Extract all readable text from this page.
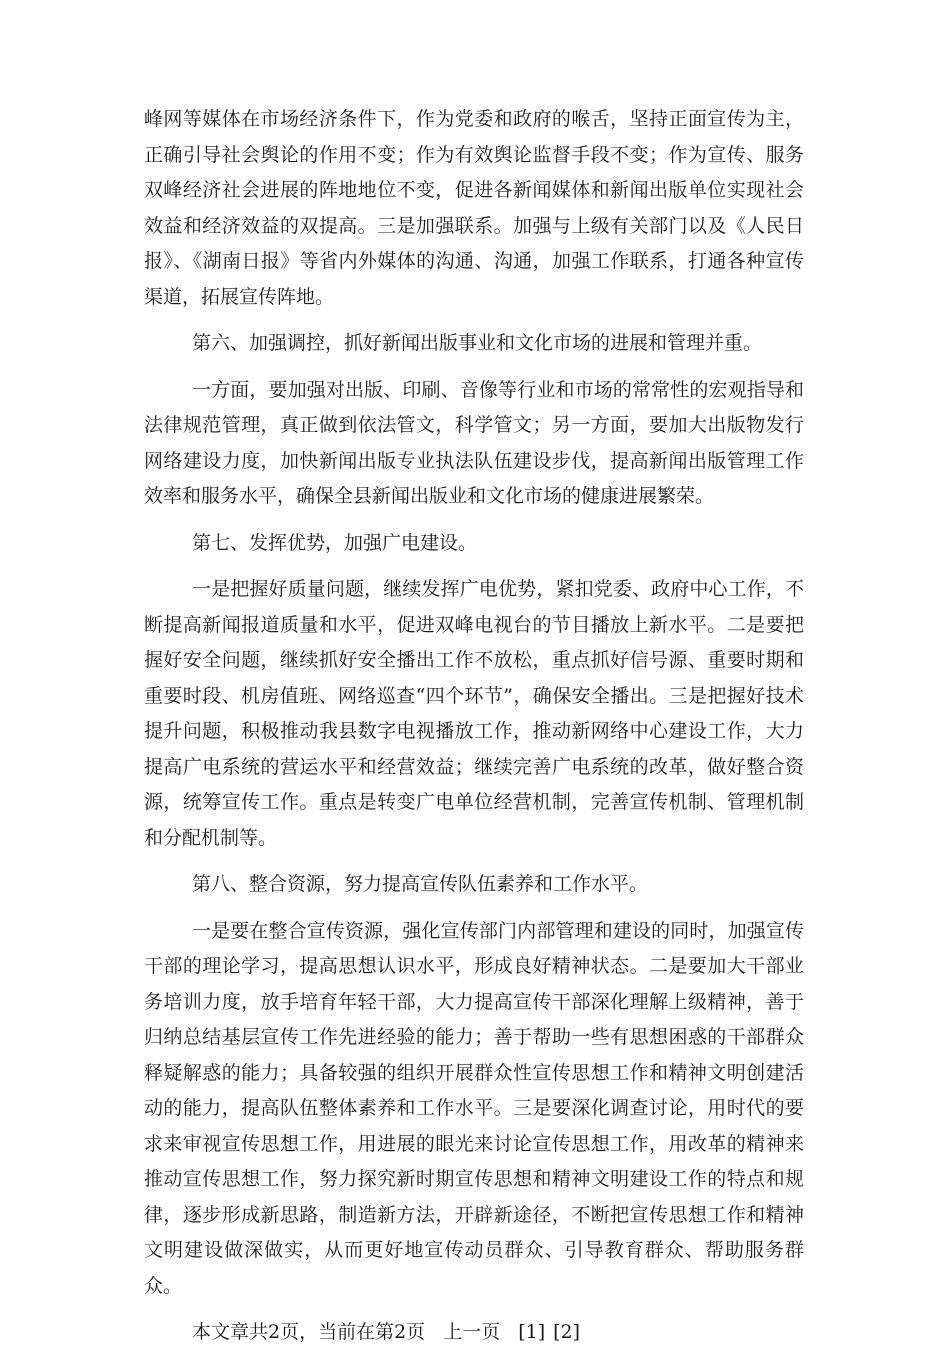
峰网等媒体在市场经济条件下，作为党委和政府的喉舌，坚持正面宣传为主，正确引导社会舆论的作用不变；作为有效舆论监督手段不变；作为宣传、服务双峰经济社会进展的阵地地位不变，促进各新闻媒体和新闻出版单位实现社会效益和经济效益的双提高。三是加强联系。加强与上级有关部门以及《人民日报》、《湖南日报》等省内外媒体的沟通、沟通，加强工作联系，打通各种宣传渠道，拓展宣传阵地。

第六、加强调控，抓好新闻出版事业和文化市场的进展和管理并重。

一方面，要加强对出版、印刷、音像等行业和市场的常常性的宏观指导和法律规范管理，真正做到依法管文，科学管文；另一方面，要加大出版物发行网络建设力度，加快新闻出版专业执法队伍建设步伐，提高新闻出版管理工作效率和服务水平，确保全县新闻出版业和文化市场的健康进展繁荣。

第七、发挥优势，加强广电建设。

一是把握好质量问题，继续发挥广电优势，紧扣党委、政府中心工作，不断提高新闻报道质量和水平，促进双峰电视台的节目播放上新水平。二是要把握好安全问题，继续抓好安全播出工作不放松，重点抓好信号源、重要时期和重要时段、机房值班、网络巡查“四个环节”，确保安全播出。三是把握好技术提升问题，积极推动我县数字电视播放工作，推动新网络中心建设工作，大力提高广电系统的营运水平和经营效益；继续完善广电系统的改革，做好整合资源，统筹宣传工作。重点是转变广电单位经营机制，完善宣传机制、管理机制和分配机制等。

第八、整合资源，努力提高宣传队伍素养和工作水平。

一是要在整合宣传资源，强化宣传部门内部管理和建设的同时，加强宣传干部的理论学习，提高思想认识水平，形成良好精神状态。二是要加大干部业务培训力度，放手培育年轻干部，大力提高宣传干部深化理解上级精神，善于归纳总结基层宣传工作先进经验的能力；善于帮助一些有思想困惑的干部群众释疑解惑的能力；具备较强的组织开展群众性宣传思想工作和精神文明创建活动的能力，提高队伍整体素养和工作水平。三是要深化调查讨论，用时代的要求来审视宣传思想工作，用进展的眼光来讨论宣传思想工作，用改革的精神来推动宣传思想工作，努力探究新时期宣传思想和精神文明建设工作的特点和规律，逐步形成新思路，制造新方法，开辟新途径，不断把宣传思想工作和精神文明建设做深做实，从而更好地宣传动员群众、引导教育群众、帮助服务群众。

本文章共2页，当前在第2页 上一页 [1] [2]
